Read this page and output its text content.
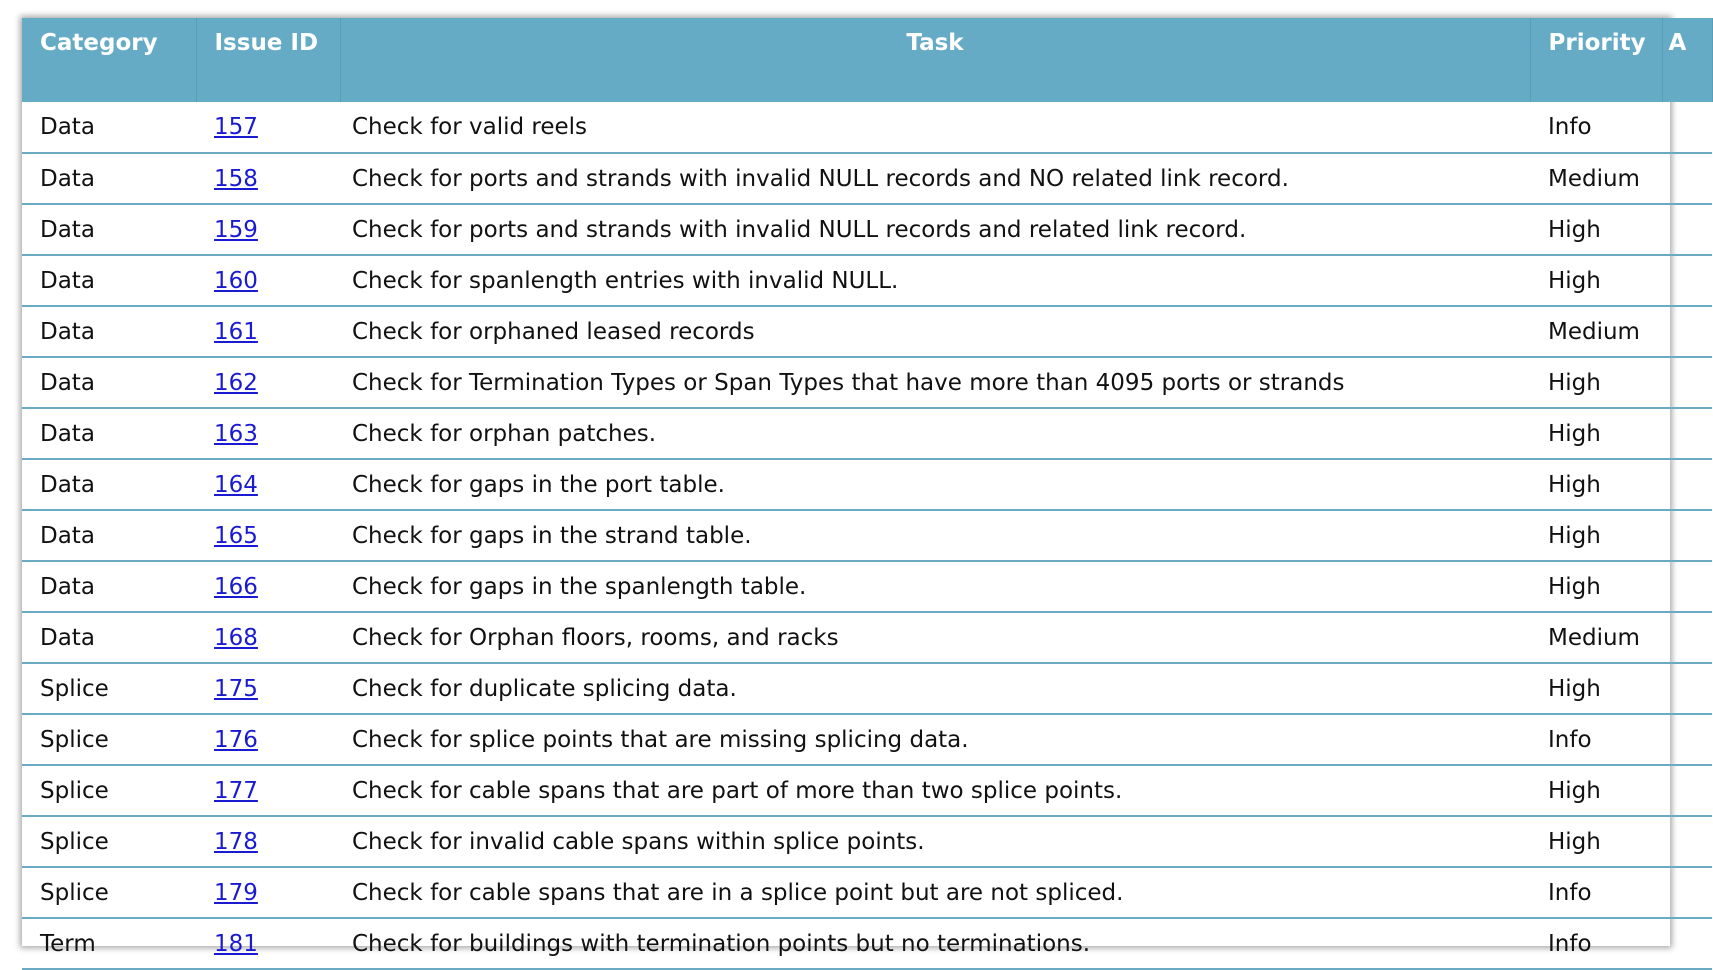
Category	Issue ID	Task	Priority	A
Data	157	Check for valid reels	Info	
Data	158	Check for ports and strands with invalid NULL records and NO related link record.	Medium	
Data	159	Check for ports and strands with invalid NULL records and related link record.	High	
Data	160	Check for spanlength entries with invalid NULL.	High	
Data	161	Check for orphaned leased records	Medium	
Data	162	Check for Termination Types or Span Types that have more than 4095 ports or strands	High	
Data	163	Check for orphan patches.	High	
Data	164	Check for gaps in the port table.	High	
Data	165	Check for gaps in the strand table.	High	
Data	166	Check for gaps in the spanlength table.	High	
Data	168	Check for Orphan floors, rooms, and racks	Medium	
Splice	175	Check for duplicate splicing data.	High	
Splice	176	Check for splice points that are missing splicing data.	Info	
Splice	177	Check for cable spans that are part of more than two splice points.	High	
Splice	178	Check for invalid cable spans within splice points.	High	
Splice	179	Check for cable spans that are in a splice point but are not spliced.	Info	
Term	181	Check for buildings with termination points but no terminations.	Info	
